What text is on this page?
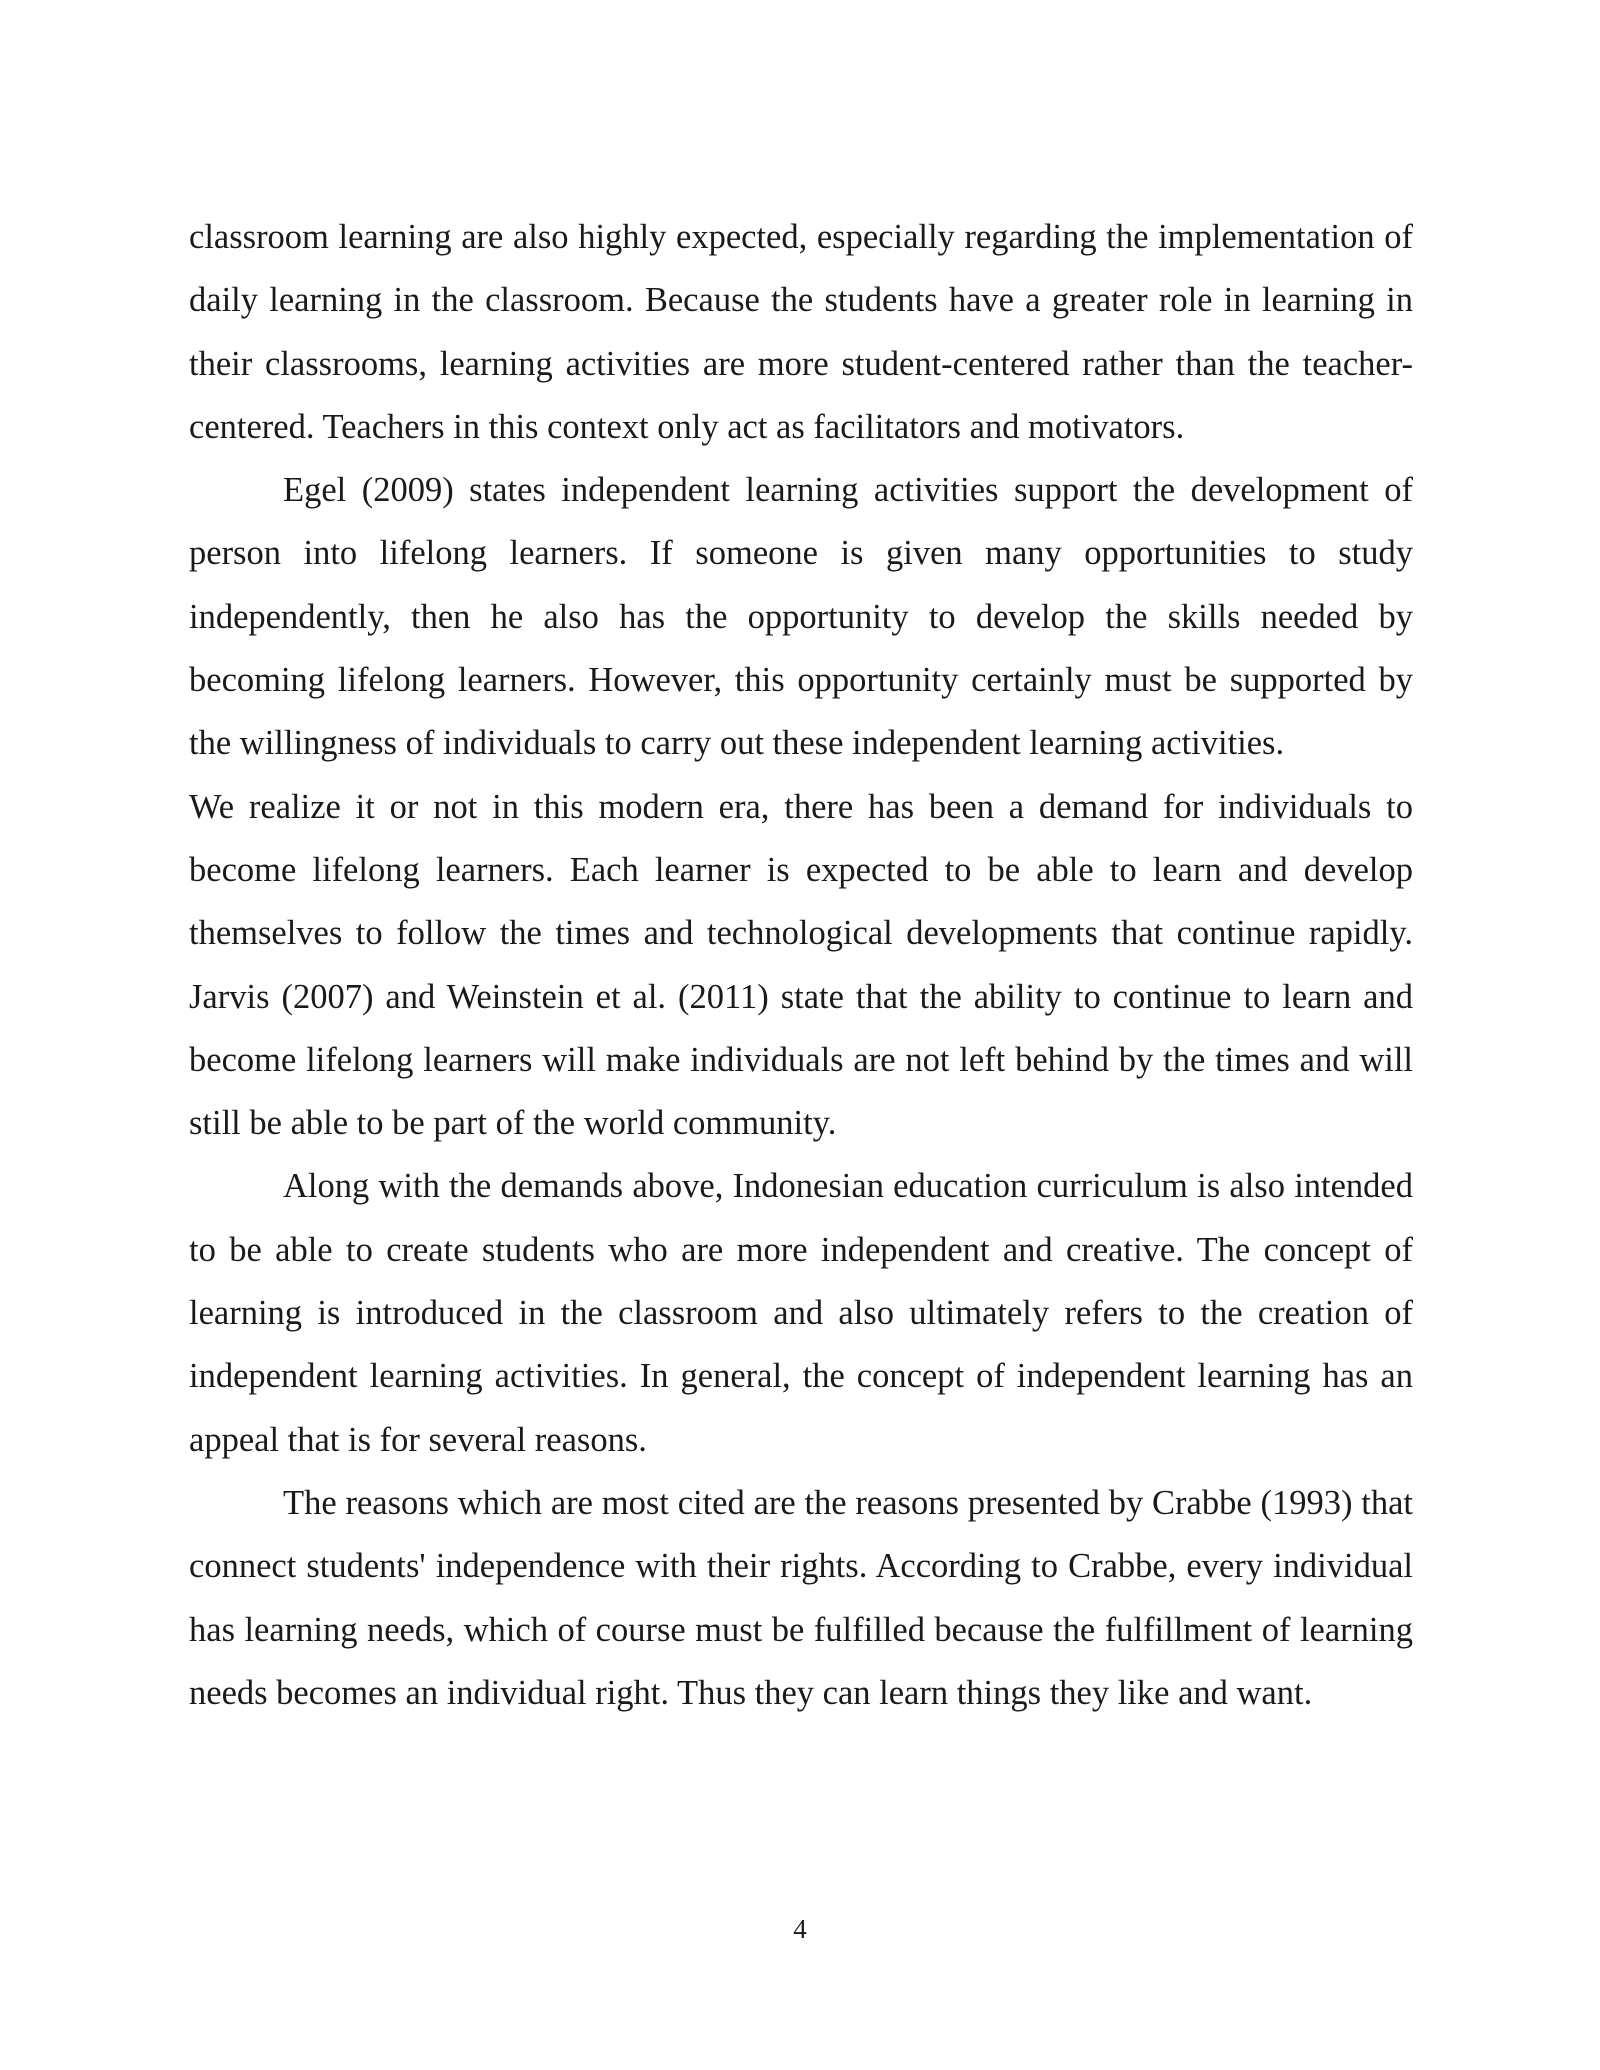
classroom learning are also highly expected, especially regarding the implementation of daily learning in the classroom. Because the students have a greater role in learning in their classrooms, learning activities are more student-centered rather than the teacher-centered. Teachers in this context only act as facilitators and motivators.

Egel (2009) states independent learning activities support the development of person into lifelong learners. If someone is given many opportunities to study independently, then he also has the opportunity to develop the skills needed by becoming lifelong learners. However, this opportunity certainly must be supported by the willingness of individuals to carry out these independent learning activities.

We realize it or not in this modern era, there has been a demand for individuals to become lifelong learners. Each learner is expected to be able to learn and develop themselves to follow the times and technological developments that continue rapidly. Jarvis (2007) and Weinstein et al. (2011) state that the ability to continue to learn and become lifelong learners will make individuals are not left behind by the times and will still be able to be part of the world community.

Along with the demands above, Indonesian education curriculum is also intended to be able to create students who are more independent and creative. The concept of learning is introduced in the classroom and also ultimately refers to the creation of independent learning activities. In general, the concept of independent learning has an appeal that is for several reasons.

The reasons which are most cited are the reasons presented by Crabbe (1993) that connect students' independence with their rights. According to Crabbe, every individual has learning needs, which of course must be fulfilled because the fulfillment of learning needs becomes an individual right. Thus they can learn things they like and want.

4
